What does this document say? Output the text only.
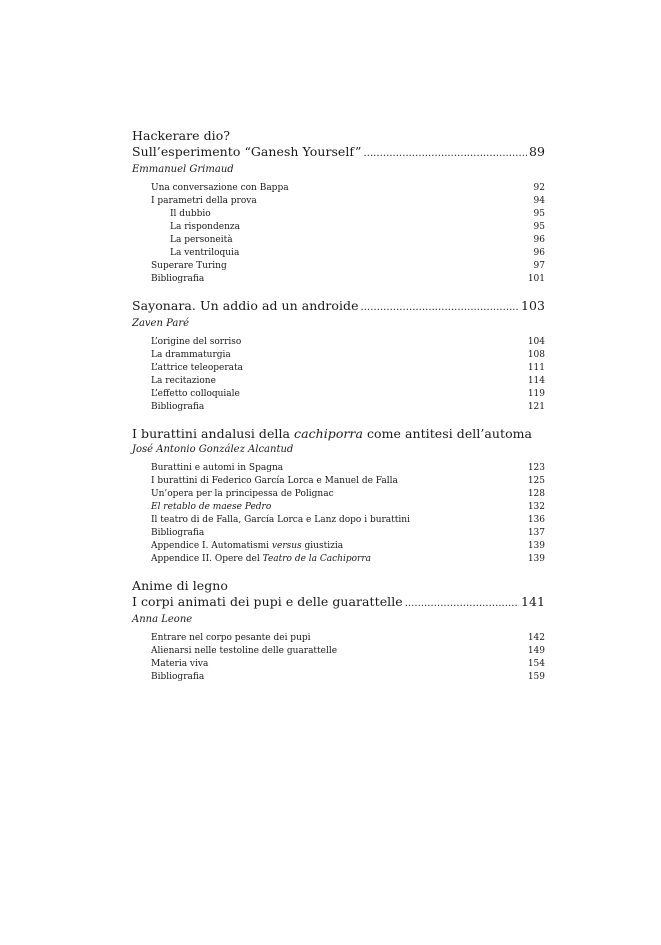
Hackerare dio?
Sull’esperimento “Ganesh Yourself” .....	89
Emmanuel Grimaud
Una conversazione con Bappa	92
I parametri della prova	94
Il dubbio	95
La rispondenza	95
La personeità	96
La ventriloquia	96
Superare Turing	97
Bibliografia	101
Sayonara. Un addio ad un androide .....	103
Zaven Paré
L’origine del sorriso	104
La drammaturgia	108
L’attrice teleoperata	111
La recitazione	114
L’effetto colloquiale	119
Bibliografia	121
I burattini andalusi della cachiporra come antitesi dell’automa
José Antonio González Alcantud
Burattini e automi in Spagna	123
I burattini di Federico García Lorca e Manuel de Falla	125
Un’opera per la principessa de Polignac	128
El retablo de maese Pedro	132
Il teatro di de Falla, García Lorca e Lanz dopo i burattini	136
Bibliografia	137
Appendice I. Automatismi versus giustizia	139
Appendice II. Opere del Teatro de la Cachiporra	139
Anime di legno
I corpi animati dei pupi e delle guarattelle .....	141
Anna Leone
Entrare nel corpo pesante dei pupi	142
Alienarsi nelle testoline delle guarattelle	149
Materia viva	154
Bibliografia	159
